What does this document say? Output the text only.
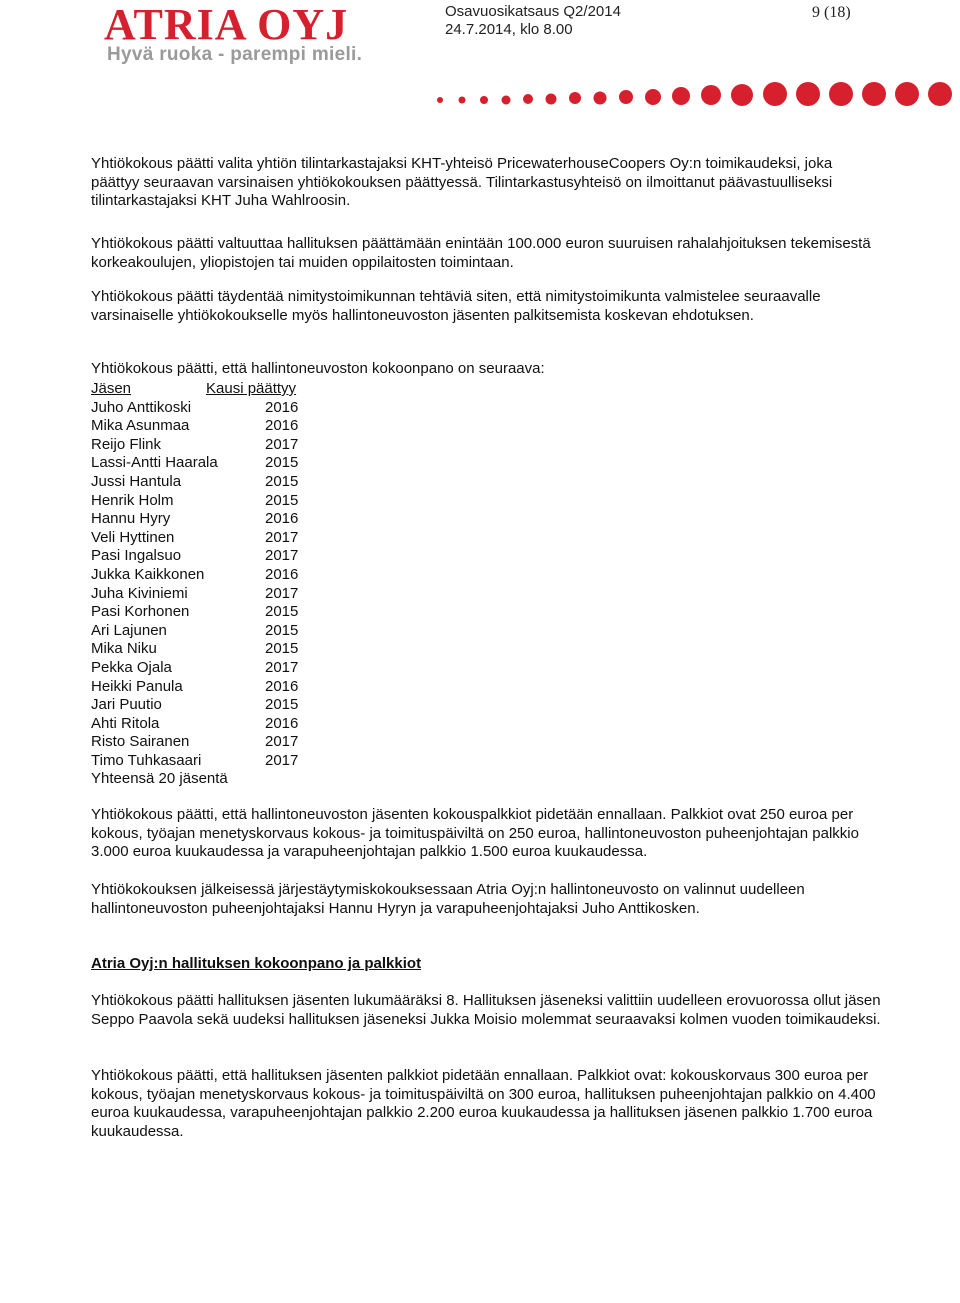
ATRIA OYJ
Hyvä ruoka - parempi mieli.
Osavuosikatsaus Q2/2014
24.7.2014, klo 8.00
9 (18)
Yhtiökokous päätti valita yhtiön tilintarkastajaksi KHT-yhteisö PricewaterhouseCoopers Oy:n toimikaudeksi, joka päättyy seuraavan varsinaisen yhtiökokouksen päättyessä. Tilintarkastusyhteisö on ilmoittanut päävastuulliseksi tilintarkastajaksi KHT Juha Wahlroosin.
Yhtiökokous päätti valtuuttaa hallituksen päättämään enintään 100.000 euron suuruisen rahalahjoituksen tekemisestä korkeakoulujen, yliopistojen tai muiden oppilaitosten toimintaan.
Yhtiökokous päätti täydentää nimitystoimikunnan tehtäviä siten, että nimitystoimikunta valmistelee seuraavalle varsinaiselle yhtiökokoukselle myös hallintoneuvoston jäsenten palkitsemista koskevan ehdotuksen.
Yhtiökokous päätti, että hallintoneuvoston kokoonpano on seuraava:
Jäsen	Kausi päättyy
Juho Anttikoski	2016
Mika Asunmaa	2016
Reijo Flink	2017
Lassi-Antti Haarala	2015
Jussi Hantula	2015
Henrik Holm	2015
Hannu Hyry	2016
Veli Hyttinen	2017
Pasi Ingalsuo	2017
Jukka Kaikkonen	2016
Juha Kiviniemi	2017
Pasi Korhonen	2015
Ari Lajunen	2015
Mika Niku	2015
Pekka Ojala	2017
Heikki Panula	2016
Jari Puutio	2015
Ahti Ritola	2016
Risto Sairanen	2017
Timo Tuhkasaari	2017
Yhteensä 20 jäsentä
Yhtiökokous päätti, että hallintoneuvoston jäsenten kokouspalkkiot pidetään ennallaan. Palkkiot ovat 250 euroa per kokous, työajan menetyskorvaus kokous- ja toimituspäiviltä on 250 euroa, hallintoneuvoston puheenjohtajan palkkio 3.000 euroa kuukaudessa ja varapuheenjohtajan palkkio 1.500 euroa kuukaudessa.
Yhtiökokouksen jälkeisessä järjestäytymiskokouksessaan Atria Oyj:n hallintoneuvosto on valinnut uudelleen hallintoneuvoston puheenjohtajaksi Hannu Hyryn ja varapuheenjohtajaksi Juho Anttikosken.
Atria Oyj:n hallituksen kokoonpano ja palkkiot
Yhtiökokous päätti hallituksen jäsenten lukumääräksi 8. Hallituksen jäseneksi valittiin uudelleen erovuorossa ollut jäsen Seppo Paavola sekä uudeksi hallituksen jäseneksi Jukka Moisio molemmat seuraavaksi kolmen vuoden toimikaudeksi.
Yhtiökokous päätti, että hallituksen jäsenten palkkiot pidetään ennallaan. Palkkiot ovat: kokouskorvaus 300 euroa per kokous, työajan menetyskorvaus kokous- ja toimituspäiviltä on 300 euroa, hallituksen puheenjohtajan palkkio on 4.400 euroa kuukaudessa, varapuheenjohtajan palkkio 2.200 euroa kuukaudessa ja hallituksen jäsenen palkkio 1.700 euroa kuukaudessa.
